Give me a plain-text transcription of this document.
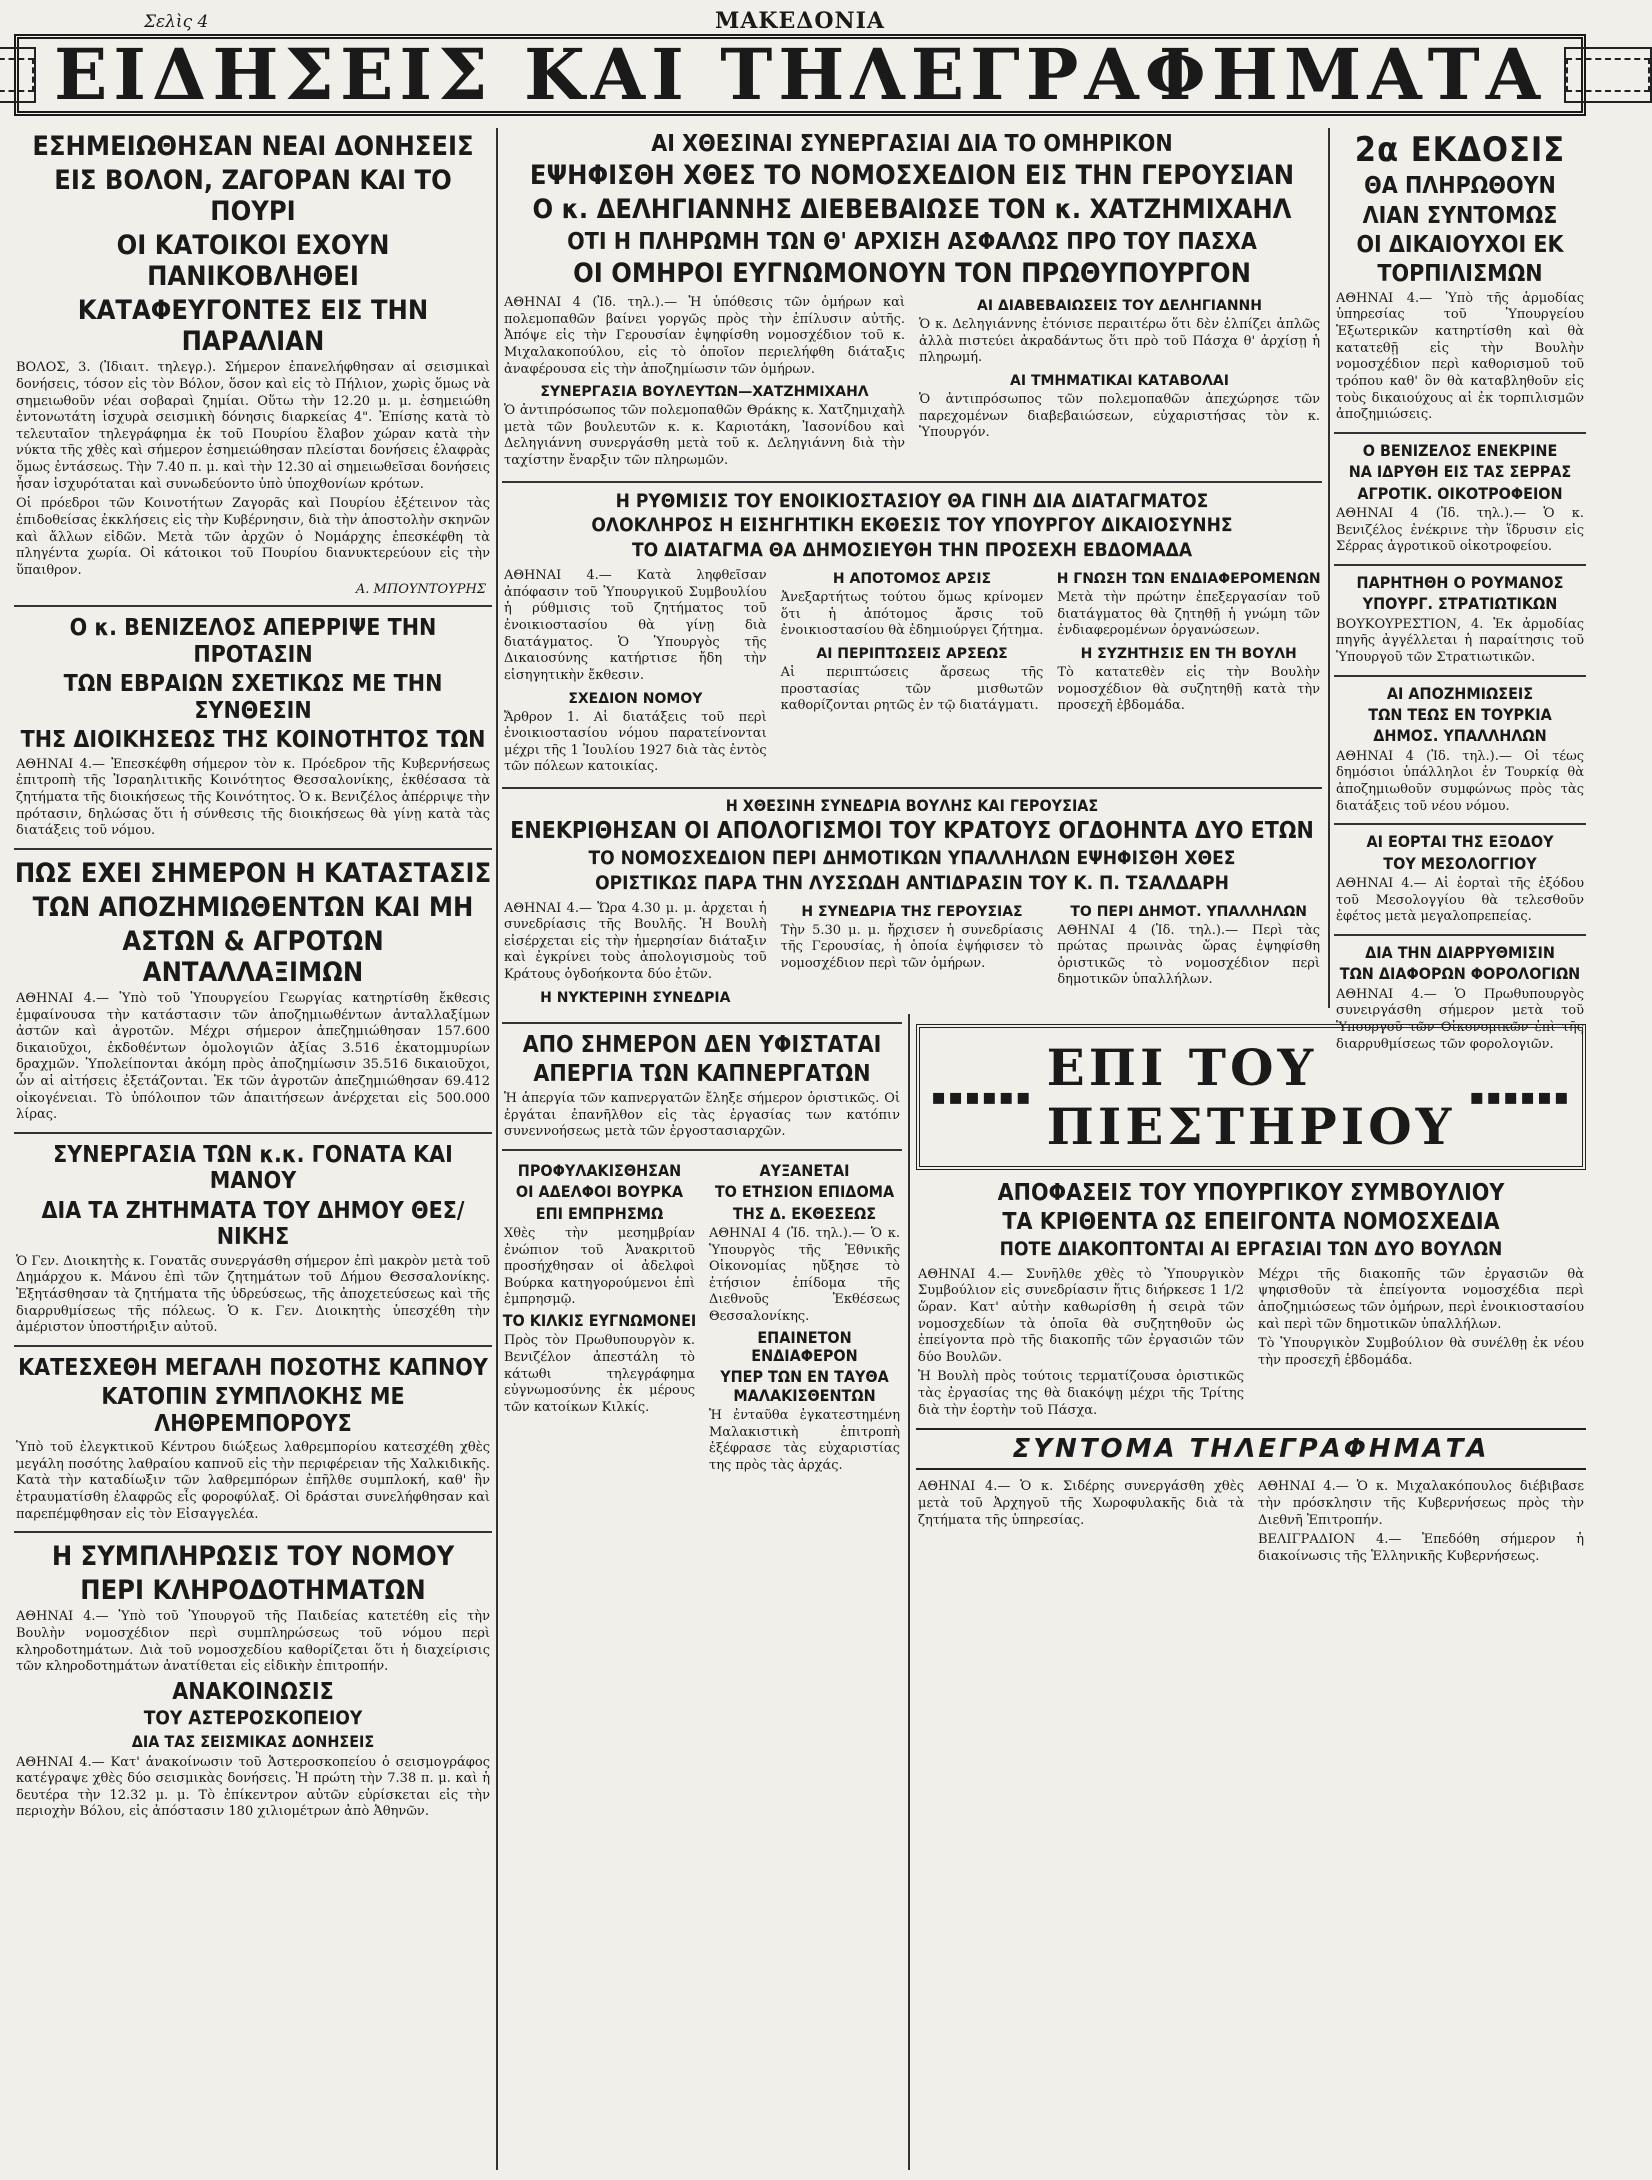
Σελὶς 4	ΜΑΚΕΔΟΝΙΑ
ΕΙΔΗΣΕΙΣ ΚΑΙ ΤΗΛΕΓΡΑΦΗΜΑΤΑ
ΕΣΗΜΕΙΩΘΗΣΑΝ ΝΕΑΙ ΔΟΝΗΣΕΙΣ
ΕΙΣ ΒΟΛΟΝ, ΖΑΓΟΡΑΝ ΚΑΙ ΤΟ ΠΟΥΡΙ
ΟΙ ΚΑΤΟΙΚΟΙ ΕΧΟΥΝ ΠΑΝΙΚΟΒΛΗΘΕΙ
ΚΑΤΑΦΕΥΓΟΝΤΕΣ ΕΙΣ ΤΗΝ ΠΑΡΑΛΙΑΝ

ΒΟΛΟΣ, 3. (Ἰδιαιτ. τηλεγρ.). Σήμερον ἐπανελήφθησαν αἱ σεισμικαὶ δονήσεις, τόσον εἰς τὸν Βόλον, ὅσον καὶ εἰς τὸ Πήλιον, χωρὶς ὅμως νὰ σημειωθοῦν νέαι σοβαραὶ ζημίαι. Οὕτω τὴν 12.20 μ. μ. ἐσημειώθη ἐντονωτάτη ἰσχυρὰ σεισμικὴ δόνησις διαρκείας 4". Ἐπίσης κατὰ τὸ τελευταῖον τηλεγράφημα ἐκ τοῦ Πουρίου ἔλαβον χώραν κατὰ τὴν νύκτα τῆς χθὲς καὶ σήμερον ἐσημειώθησαν πλείσται δονήσεις ἐλαφρὰς ὅμως ἐντάσεως. Τὴν 7.40 π. μ. καὶ τὴν 12.30 αἱ σημειωθεῖσαι δονήσεις ἦσαν ἰσχυρόταται καὶ συνωδεύοντο ὑπὸ ὑποχθονίων κρότων.

Οἱ πρόεδροι τῶν Κοινοτήτων Ζαγορᾶς καὶ Πουρίου ἐξέτεινον τὰς ἐπιδοθείσας ἐκκλήσεις εἰς τὴν Κυβέρνησιν, διὰ τὴν ἀποστολὴν σκηνῶν καὶ ἄλλων εἰδῶν. Μετὰ τῶν ἀρχῶν ὁ Νομάρχης ἐπεσκέφθη τὰ πληγέντα χωρία. Οἱ κάτοικοι τοῦ Πουρίου διανυκτερεύουν εἰς τὴν ὕπαιθρον.

Α. ΜΠΟΥΝΤΟΥΡΗΣ
Ο κ. ΒΕΝΙΖΕΛΟΣ ΑΠΕΡΡΙΨΕ ΤΗΝ ΠΡΟΤΑΣΙΝ
ΤΩΝ ΕΒΡΑΙΩΝ ΣΧΕΤΙΚΩΣ ΜΕ ΤΗΝ ΣΥΝΘΕΣΙΝ
ΤΗΣ ΔΙΟΙΚΗΣΕΩΣ ΤΗΣ ΚΟΙΝΟΤΗΤΟΣ ΤΩΝ

ΑΘΗΝΑΙ 4.— Ἐπεσκέφθη σήμερον τὸν κ. Πρόεδρον τῆς Κυβερνήσεως ἐπιτροπὴ τῆς Ἰσραηλιτικῆς Κοινότητος Θεσσαλονίκης, ἐκθέσασα τὰ ζητήματα τῆς διοικήσεως τῆς Κοινότητος. Ὁ κ. Βενιζέλος ἀπέρριψε τὴν πρότασιν, δηλώσας ὅτι ἡ σύνθεσις τῆς διοικήσεως θὰ γίνῃ κατὰ τὰς διατάξεις τοῦ νόμου.

ΠΩΣ ΕΧΕΙ ΣΗΜΕΡΟΝ Η ΚΑΤΑΣΤΑΣΙΣ
ΤΩΝ ΑΠΟΖΗΜΙΩΘΕΝΤΩΝ ΚΑΙ ΜΗ
ΑΣΤΩΝ & ΑΓΡΟΤΩΝ ΑΝΤΑΛΛΑΞΙΜΩΝ

ΑΘΗΝΑΙ 4.— Ὑπὸ τοῦ Ὑπουργείου Γεωργίας κατηρτίσθη ἔκθεσις ἐμφαίνουσα τὴν κατάστασιν τῶν ἀποζημιωθέντων ἀνταλλαξίμων ἀστῶν καὶ ἀγροτῶν. Μέχρι σήμερον ἀπεζημιώθησαν 157.600 δικαιοῦχοι, ἐκδοθέντων ὁμολογιῶν ἀξίας 3.516 ἑκατομμυρίων δραχμῶν. Ὑπολείπονται ἀκόμη πρὸς ἀποζημίωσιν 35.516 δικαιοῦχοι, ὧν αἱ αἰτήσεις ἐξετάζονται. Ἐκ τῶν ἀγροτῶν ἀπεζημιώθησαν 69.412 οἰκογένειαι. Τὸ ὑπόλοιπον τῶν ἀπαιτήσεων ἀνέρχεται εἰς 500.000 λίρας.

ΣΥΝΕΡΓΑΣΙΑ ΤΩΝ κ.κ. ΓΟΝΑΤΑ ΚΑΙ ΜΑΝΟΥ
ΔΙΑ ΤΑ ΖΗΤΗΜΑΤΑ ΤΟΥ ΔΗΜΟΥ ΘΕΣ/ΝΙΚΗΣ

Ὁ Γεν. Διοικητὴς κ. Γονατᾶς συνεργάσθη σήμερον ἐπὶ μακρὸν μετὰ τοῦ Δημάρχου κ. Μάνου ἐπὶ τῶν ζητημάτων τοῦ Δήμου Θεσσαλονίκης. Ἐξητάσθησαν τὰ ζητήματα τῆς ὑδρεύσεως, τῆς ἀποχετεύσεως καὶ τῆς διαρρυθμίσεως τῆς πόλεως. Ὁ κ. Γεν. Διοικητὴς ὑπεσχέθη τὴν ἀμέριστον ὑποστήριξιν αὐτοῦ.

ΚΑΤΕΣΧΕΘΗ ΜΕΓΑΛΗ ΠΟΣΟΤΗΣ ΚΑΠΝΟΥ
ΚΑΤΟΠΙΝ ΣΥΜΠΛΟΚΗΣ ΜΕ ΛΗΘΡΕΜΠΟΡΟΥΣ

Ὑπὸ τοῦ ἐλεγκτικοῦ Κέντρου διώξεως λαθρεμπορίου κατεσχέθη χθὲς μεγάλη ποσότης λαθραίου καπνοῦ εἰς τὴν περιφέρειαν τῆς Χαλκιδικῆς. Κατὰ τὴν καταδίωξιν τῶν λαθρεμπόρων ἐπῆλθε συμπλοκή, καθ' ἣν ἐτραυματίσθη ἐλαφρῶς εἷς φοροφύλαξ. Οἱ δράσται συνελήφθησαν καὶ παρεπέμφθησαν εἰς τὸν Εἰσαγγελέα.

Η ΣΥΜΠΛΗΡΩΣΙΣ ΤΟΥ ΝΟΜΟΥ
ΠΕΡΙ ΚΛΗΡΟΔΟΤΗΜΑΤΩΝ

ΑΘΗΝΑΙ 4.— Ὑπὸ τοῦ Ὑπουργοῦ τῆς Παιδείας κατετέθη εἰς τὴν Βουλὴν νομοσχέδιον περὶ συμπληρώσεως τοῦ νόμου περὶ κληροδοτημάτων. Διὰ τοῦ νομοσχεδίου καθορίζεται ὅτι ἡ διαχείρισις τῶν κληροδοτημάτων ἀνατίθεται εἰς εἰδικὴν ἐπιτροπήν.

ΑΝΑΚΟΙΝΩΣΙΣ
ΤΟΥ ΑΣΤΕΡΟΣΚΟΠΕΙΟΥ
ΔΙΑ ΤΑΣ ΣΕΙΣΜΙΚΑΣ ΔΟΝΗΣΕΙΣ

ΑΘΗΝΑΙ 4.— Κατ' ἀνακοίνωσιν τοῦ Ἀστεροσκοπείου ὁ σεισμογράφος κατέγραψε χθὲς δύο σεισμικὰς δονήσεις. Ἡ πρώτη τὴν 7.38 π. μ. καὶ ἡ δευτέρα τὴν 12.32 μ. μ. Τὸ ἐπίκεντρον αὐτῶν εὑρίσκεται εἰς τὴν περιοχὴν Βόλου, εἰς ἀπόστασιν 180 χιλιομέτρων ἀπὸ Ἀθηνῶν.

ΑΙ ΧΘΕΣΙΝΑΙ ΣΥΝΕΡΓΑΣΙΑΙ ΔΙΑ ΤΟ ΟΜΗΡΙΚΟΝ
ΕΨΗΦΙΣΘΗ ΧΘΕΣ ΤΟ ΝΟΜΟΣΧΕΔΙΟΝ ΕΙΣ ΤΗΝ ΓΕΡΟΥΣΙΑΝ
Ο κ. ΔΕΛΗΓΙΑΝΝΗΣ ΔΙΕΒΕΒΑΙΩΣΕ ΤΟΝ κ. ΧΑΤΖΗΜΙΧΑΗΛ
ΟΤΙ Η ΠΛΗΡΩΜΗ ΤΩΝ Θ' ΑΡΧΙΣΗ ΑΣΦΑΛΩΣ ΠΡΟ ΤΟΥ ΠΑΣΧΑ
ΟΙ ΟΜΗΡΟΙ ΕΥΓΝΩΜΟΝΟΥΝ ΤΟΝ ΠΡΩΘΥΠΟΥΡΓΟΝ

ΑΘΗΝΑΙ 4 (Ἰδ. τηλ.).— Ἡ ὑπόθεσις τῶν ὁμήρων καὶ πολεμοπαθῶν βαίνει γοργῶς πρὸς τὴν ἐπίλυσιν αὐτῆς. Ἀπόψε εἰς τὴν Γερουσίαν ἐψηφίσθη νομοσχέδιον τοῦ κ. Μιχαλακοπούλου, εἰς τὸ ὁποῖον περιελήφθη διάταξις ἀναφέρουσα εἰς τὴν ἀποζημίωσιν τῶν ὁμήρων.

ΣΥΝΕΡΓΑΣΙΑ ΒΟΥΛΕΥΤΩΝ—ΧΑΤΖΗΜΙΧΑΗΛ

Ὁ ἀντιπρόσωπος τῶν πολεμοπαθῶν Θράκης κ. Χατζημιχαὴλ μετὰ τῶν βουλευτῶν κ. κ. Καριοτάκη, Ἰασονίδου καὶ Δεληγιάννη συνεργάσθη μετὰ τοῦ κ. Δεληγιάννη διὰ τὴν ταχίστην ἔναρξιν τῶν πληρωμῶν.

ΑΙ ΔΙΑΒΕΒΑΙΩΣΕΙΣ ΤΟΥ ΔΕΛΗΓΙΑΝΝΗ

Ὁ κ. Δεληγιάννης ἐτόνισε περαιτέρω ὅτι δὲν ἐλπίζει ἁπλῶς ἀλλὰ πιστεύει ἀκραδάντως ὅτι πρὸ τοῦ Πάσχα θ' ἀρχίσῃ ἡ πληρωμή.

ΑΙ ΤΜΗΜΑΤΙΚΑΙ ΚΑΤΑΒΟΛΑΙ

Ὁ ἀντιπρόσωπος τῶν πολεμοπαθῶν ἀπεχώρησε τῶν παρεχομένων διαβεβαιώσεων, εὐχαριστήσας τὸν κ. Ὑπουργόν.

Η ΡΥΘΜΙΣΙΣ ΤΟΥ ΕΝΟΙΚΙΟΣΤΑΣΙΟΥ ΘΑ ΓΙΝΗ ΔΙΑ ΔΙΑΤΑΓΜΑΤΟΣ
ΟΛΟΚΛΗΡΟΣ Η ΕΙΣΗΓΗΤΙΚΗ ΕΚΘΕΣΙΣ ΤΟΥ ΥΠΟΥΡΓΟΥ ΔΙΚΑΙΟΣΥΝΗΣ
ΤΟ ΔΙΑΤΑΓΜΑ ΘΑ ΔΗΜΟΣΙΕΥΘΗ ΤΗΝ ΠΡΟΣΕΧΗ ΕΒΔΟΜΑΔΑ

ΑΘΗΝΑΙ 4.— Κατὰ ληφθεῖσαν ἀπόφασιν τοῦ Ὑπουργικοῦ Συμβουλίου ἡ ρύθμισις τοῦ ζητήματος τοῦ ἐνοικιοστασίου θὰ γίνῃ διὰ διατάγματος. Ὁ Ὑπουργὸς τῆς Δικαιοσύνης κατήρτισε ἤδη τὴν εἰσηγητικὴν ἔκθεσιν.

ΣΧΕΔΙΟΝ ΝΟΜΟΥ

Ἄρθρον 1. Αἱ διατάξεις τοῦ περὶ ἐνοικιοστασίου νόμου παρατείνονται μέχρι τῆς 1 Ἰουλίου 1927 διὰ τὰς ἐντὸς τῶν πόλεων κατοικίας.

Η ΑΠΟΤΟΜΟΣ ΑΡΣΙΣ

Ἀνεξαρτήτως τούτου ὅμως κρίνομεν ὅτι ἡ ἀπότομος ἄρσις τοῦ ἐνοικιοστασίου θὰ ἐδημιούργει ζήτημα.

ΑΙ ΠΕΡΙΠΤΩΣΕΙΣ ΑΡΣΕΩΣ

Αἱ περιπτώσεις ἄρσεως τῆς προστασίας τῶν μισθωτῶν καθορίζονται ρητῶς ἐν τῷ διατάγματι.

Η ΓΝΩΣΗ ΤΩΝ ΕΝΔΙΑΦΕΡΟΜΕΝΩΝ

Μετὰ τὴν πρώτην ἐπεξεργασίαν τοῦ διατάγματος θὰ ζητηθῇ ἡ γνώμη τῶν ἐνδιαφερομένων ὀργανώσεων.

Η ΣΥΖΗΤΗΣΙΣ ΕΝ ΤΗ ΒΟΥΛΗ

Τὸ κατατεθὲν εἰς τὴν Βουλὴν νομοσχέδιον θὰ συζητηθῇ κατὰ τὴν προσεχῆ ἑβδομάδα.

Η ΧΘΕΣΙΝΗ ΣΥΝΕΔΡΙΑ ΒΟΥΛΗΣ ΚΑΙ ΓΕΡΟΥΣΙΑΣ
ΕΝΕΚΡΙΘΗΣΑΝ ΟΙ ΑΠΟΛΟΓΙΣΜΟΙ ΤΟΥ ΚΡΑΤΟΥΣ ΟΓΔΟΗΝΤΑ ΔΥΟ ΕΤΩΝ
ΤΟ ΝΟΜΟΣΧΕΔΙΟΝ ΠΕΡΙ ΔΗΜΟΤΙΚΩΝ ΥΠΑΛΛΗΛΩΝ ΕΨΗΦΙΣΘΗ ΧΘΕΣ
ΟΡΙΣΤΙΚΩΣ ΠΑΡΑ ΤΗΝ ΛΥΣΣΩΔΗ ΑΝΤΙΔΡΑΣΙΝ ΤΟΥ Κ. Π. ΤΣΑΛΔΑΡΗ

ΑΘΗΝΑΙ 4.— Ὥρα 4.30 μ. μ. ἀρχεται ἡ συνεδρίασις τῆς Βουλῆς. Ἡ Βουλὴ εἰσέρχεται εἰς τὴν ἡμερησίαν διάταξιν καὶ ἐγκρίνει τοὺς ἀπολογισμοὺς τοῦ Κράτους ὀγδοήκοντα δύο ἐτῶν.

Η ΝΥΚΤΕΡΙΝΗ ΣΥΝΕΔΡΙΑ
Η ΣΥΝΕΔΡΙΑ ΤΗΣ ΓΕΡΟΥΣΙΑΣ

Τὴν 5.30 μ. μ. ἤρχισεν ἡ συνεδρίασις τῆς Γερουσίας, ἡ ὁποία ἐψήφισεν τὸ νομοσχέδιον περὶ τῶν ὁμήρων.

ΤΟ ΠΕΡΙ ΔΗΜΟΤ. ΥΠΑΛΛΗΛΩΝ

ΑΘΗΝΑΙ 4 (Ἰδ. τηλ.).— Περὶ τὰς πρώτας πρωινὰς ὥρας ἐψηφίσθη ὁριστικῶς τὸ νομοσχέδιον περὶ δημοτικῶν ὑπαλλήλων.

2α ΕΚΔΟΣΙΣ
ΘΑ ΠΛΗΡΩΘΟΥΝ
ΛΙΑΝ ΣΥΝΤΟΜΩΣ
ΟΙ ΔΙΚΑΙΟΥΧΟΙ ΕΚ
ΤΟΡΠΙΛΙΣΜΩΝ

ΑΘΗΝΑΙ 4.— Ὑπὸ τῆς ἁρμοδίας ὑπηρεσίας τοῦ Ὑπουργείου Ἐξωτερικῶν κατηρτίσθη καὶ θὰ κατατεθῇ εἰς τὴν Βουλὴν νομοσχέδιον περὶ καθορισμοῦ τοῦ τρόπου καθ' ὃν θὰ καταβληθοῦν εἰς τοὺς δικαιούχους αἱ ἐκ τορπιλισμῶν ἀποζημιώσεις.

Ο ΒΕΝΙΖΕΛΟΣ ΕΝΕΚΡΙΝΕ
ΝΑ ΙΔΡΥΘΗ ΕΙΣ ΤΑΣ ΣΕΡΡΑΣ
ΑΓΡΟΤΙΚ. ΟΙΚΟΤΡΟΦΕΙΟΝ

ΑΘΗΝΑΙ 4 (Ἰδ. τηλ.).— Ὁ κ. Βενιζέλος ἐνέκρινε τὴν ἵδρυσιν εἰς Σέρρας ἀγροτικοῦ οἰκοτροφείου.

ΠΑΡΗΤΗΘΗ Ο ΡΟΥΜΑΝΟΣ
ΥΠΟΥΡΓ. ΣΤΡΑΤΙΩΤΙΚΩΝ

ΒΟΥΚΟΥΡΕΣΤΙΟΝ, 4. Ἐκ ἀρμοδίας πηγῆς ἀγγέλλεται ἡ παραίτησις τοῦ Ὑπουργοῦ τῶν Στρατιωτικῶν.

ΑΙ ΑΠΟΖΗΜΙΩΣΕΙΣ
ΤΩΝ ΤΕΩΣ ΕΝ ΤΟΥΡΚΙΑ
ΔΗΜΟΣ. ΥΠΑΛΛΗΛΩΝ

ΑΘΗΝΑΙ 4 (Ἰδ. τηλ.).— Οἱ τέως δημόσιοι ὑπάλληλοι ἐν Τουρκίᾳ θὰ ἀποζημιωθοῦν συμφώνως πρὸς τὰς διατάξεις τοῦ νέου νόμου.

ΑΙ ΕΟΡΤΑΙ ΤΗΣ ΕΞΟΔΟΥ
ΤΟΥ ΜΕΣΟΛΟΓΓΙΟΥ

ΑΘΗΝΑΙ 4.— Αἱ ἑορταὶ τῆς ἐξόδου τοῦ Μεσολογγίου θὰ τελεσθοῦν ἐφέτος μετὰ μεγαλοπρεπείας.

ΔΙΑ ΤΗΝ ΔΙΑΡΡΥΘΜΙΣΙΝ
ΤΩΝ ΔΙΑΦΟΡΩΝ ΦΟΡΟΛΟΓΙΩΝ

ΑΘΗΝΑΙ 4.— Ὁ Πρωθυπουργὸς συνειργάσθη σήμερον μετὰ τοῦ Ὑπουργοῦ τῶν Οἰκονομικῶν ἐπὶ τῆς διαρρυθμίσεως τῶν φορολογιῶν.

ΑΠΟ ΣΗΜΕΡΟΝ ΔΕΝ ΥΦΙΣΤΑΤΑΙ
ΑΠΕΡΓΙΑ ΤΩΝ ΚΑΠΝΕΡΓΑΤΩΝ

Ἡ ἀπεργία τῶν καπνεργατῶν ἔληξε σήμερον ὁριστικῶς. Οἱ ἐργάται ἐπανῆλθον εἰς τὰς ἐργασίας των κατόπιν συνεννοήσεως μετὰ τῶν ἐργοστασιαρχῶν.

ΠΡΟΦΥΛΑΚΙΣΘΗΣΑΝ
ΟΙ ΑΔΕΛΦΟΙ ΒΟΥΡΚΑ
ΕΠΙ ΕΜΠΡΗΣΜΩ

Χθὲς τὴν μεσημβρίαν ἐνώπιον τοῦ Ἀνακριτοῦ προσήχθησαν οἱ ἀδελφοὶ Βούρκα κατηγορούμενοι ἐπὶ ἐμπρησμῷ.

ΤΟ ΚΙΛΚΙΣ ΕΥΓΝΩΜΟΝΕΙ

Πρὸς τὸν Πρωθυπουργὸν κ. Βενιζέλον ἀπεστάλη τὸ κάτωθι τηλεγράφημα εὐγνωμοσύνης ἐκ μέρους τῶν κατοίκων Κιλκίς.

ΑΥΞΑΝΕΤΑΙ
ΤΟ ΕΤΗΣΙΟΝ ΕΠΙΔΟΜΑ
ΤΗΣ Δ. ΕΚΘΕΣΕΩΣ

ΑΘΗΝΑΙ 4 (Ἰδ. τηλ.).— Ὁ κ. Ὑπουργὸς τῆς Ἐθνικῆς Οἰκονομίας ηὔξησε τὸ ἐτήσιον ἐπίδομα τῆς Διεθνοῦς Ἐκθέσεως Θεσσαλονίκης.

ΕΠΑΙΝΕΤΟΝ ΕΝΔΙΑΦΕΡΟΝ
ΥΠΕΡ ΤΩΝ ΕΝ ΤΑΥΘΑ ΜΑΛΑΚΙΣΘΕΝΤΩΝ

Ἡ ἐνταῦθα ἐγκατεστημένη Μαλακιστικὴ ἐπιτροπὴ ἐξέφρασε τὰς εὐχαριστίας της πρὸς τὰς ἀρχάς.

▪▪▪▪▪▪ ΕΠΙ ΤΟΥ ΠΙΕΣΤΗΡΙΟΥ ▪▪▪▪▪▪
ΑΠΟΦΑΣΕΙΣ ΤΟΥ ΥΠΟΥΡΓΙΚΟΥ ΣΥΜΒΟΥΛΙΟΥ
ΤΑ ΚΡΙΘΕΝΤΑ ΩΣ ΕΠΕΙΓΟΝΤΑ ΝΟΜΟΣΧΕΔΙΑ
ΠΟΤΕ ΔΙΑΚΟΠΤΟΝΤΑΙ ΑΙ ΕΡΓΑΣΙΑΙ ΤΩΝ ΔΥΟ ΒΟΥΛΩΝ

ΑΘΗΝΑΙ 4.— Συνῆλθε χθὲς τὸ Ὑπουργικὸν Συμβούλιον εἰς συνεδρίασιν ἥτις διήρκεσε 1 1/2 ὥραν. Κατ' αὐτὴν καθωρίσθη ἡ σειρὰ τῶν νομοσχεδίων τὰ ὁποῖα θὰ συζητηθοῦν ὡς ἐπείγοντα πρὸ τῆς διακοπῆς τῶν ἐργασιῶν τῶν δύο Βουλῶν.

Ἡ Βουλὴ πρὸς τούτοις τερματίζουσα ὁριστικῶς τὰς ἐργασίας της θὰ διακόψῃ μέχρι τῆς Τρίτης διὰ τὴν ἑορτὴν τοῦ Πάσχα.

Μέχρι τῆς διακοπῆς τῶν ἐργασιῶν θὰ ψηφισθοῦν τὰ ἐπείγοντα νομοσχέδια περὶ ἀποζημιώσεως τῶν ὁμήρων, περὶ ἐνοικιοστασίου καὶ περὶ τῶν δημοτικῶν ὑπαλλήλων.

Τὸ Ὑπουργικὸν Συμβούλιον θὰ συνέλθῃ ἐκ νέου τὴν προσεχῆ ἑβδομάδα.

ΣΥΝΤΟΜΑ ΤΗΛΕΓΡΑΦΗΜΑΤΑ

ΑΘΗΝΑΙ 4.— Ὁ κ. Σιδέρης συνεργάσθη χθὲς μετὰ τοῦ Ἀρχηγοῦ τῆς Χωροφυλακῆς διὰ τὰ ζητήματα τῆς ὑπηρεσίας.

ΑΘΗΝΑΙ 4.— Ὁ κ. Μιχαλακόπουλος διέβιβασε τὴν πρόσκλησιν τῆς Κυβερνήσεως πρὸς τὴν Διεθνῆ Ἐπιτροπήν.

ΒΕΛΙΓΡΑΔΙΟΝ 4.— Ἐπεδόθη σήμερον ἡ διακοίνωσις τῆς Ἑλληνικῆς Κυβερνήσεως.
